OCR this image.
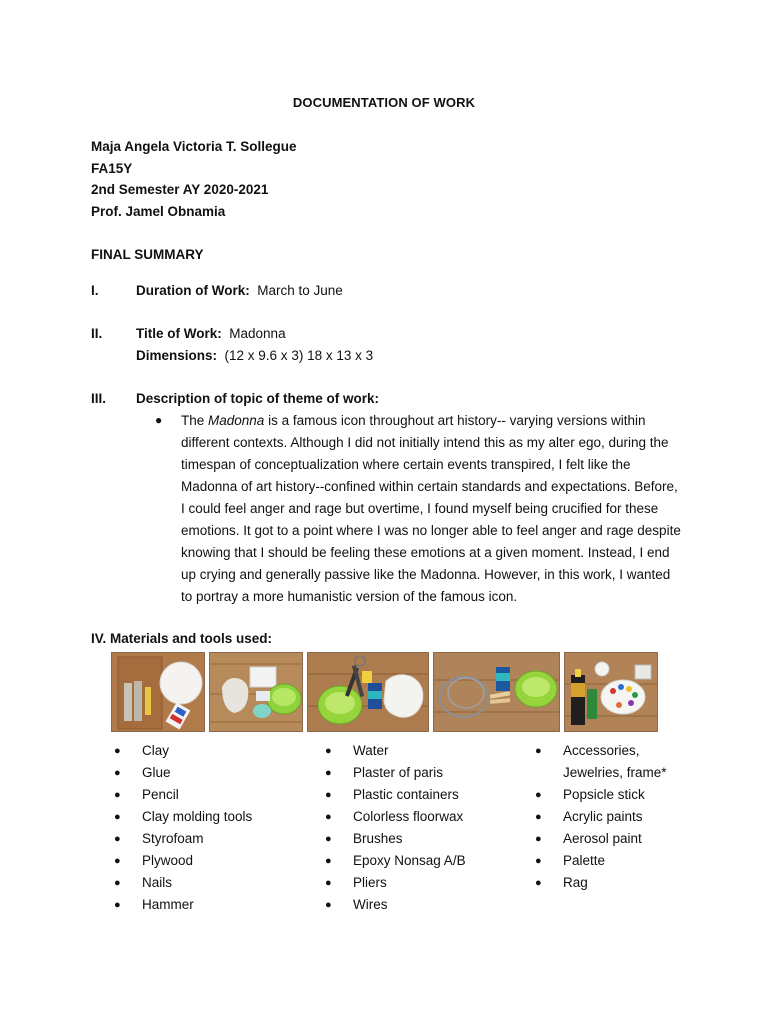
DOCUMENTATION OF WORK
Maja Angela Victoria T. Sollegue
FA15Y
2nd Semester AY 2020-2021
Prof. Jamel Obnamia
FINAL SUMMARY
I.	Duration of Work: March to June
II. Title of Work: Madonna
Dimensions: (12 x 9.6 x 3) 18 x 13 x 3
III. Description of topic of theme of work:
● The Madonna is a famous icon throughout art history-- varying versions within different contexts. Although I did not initially intend this as my alter ego, during the timespan of conceptualization where certain events transpired, I felt like the Madonna of art history--confined within certain standards and expectations. Before, I could feel anger and rage but overtime, I found myself being crucified for these emotions. It got to a point where I was no longer able to feel anger and rage despite knowing that I should be feeling these emotions at a given moment. Instead, I end up crying and generally passive like the Madonna. However, in this work, I wanted to portray a more humanistic version of the famous icon.
IV. Materials and tools used:
● Clay
● Glue
● Pencil
● Clay molding tools
● Styrofoam
● Plywood
● Nails
● Hammer
● Water
● Plaster of paris
● Plastic containers
● Colorless floorwax
● Brushes
● Epoxy Nonsag A/B
● Pliers
● Wires
● Accessories,
Jewelries, frame*
● Popsicle stick
● Acrylic paints
● Aerosol paint
● Palette
● Rag
